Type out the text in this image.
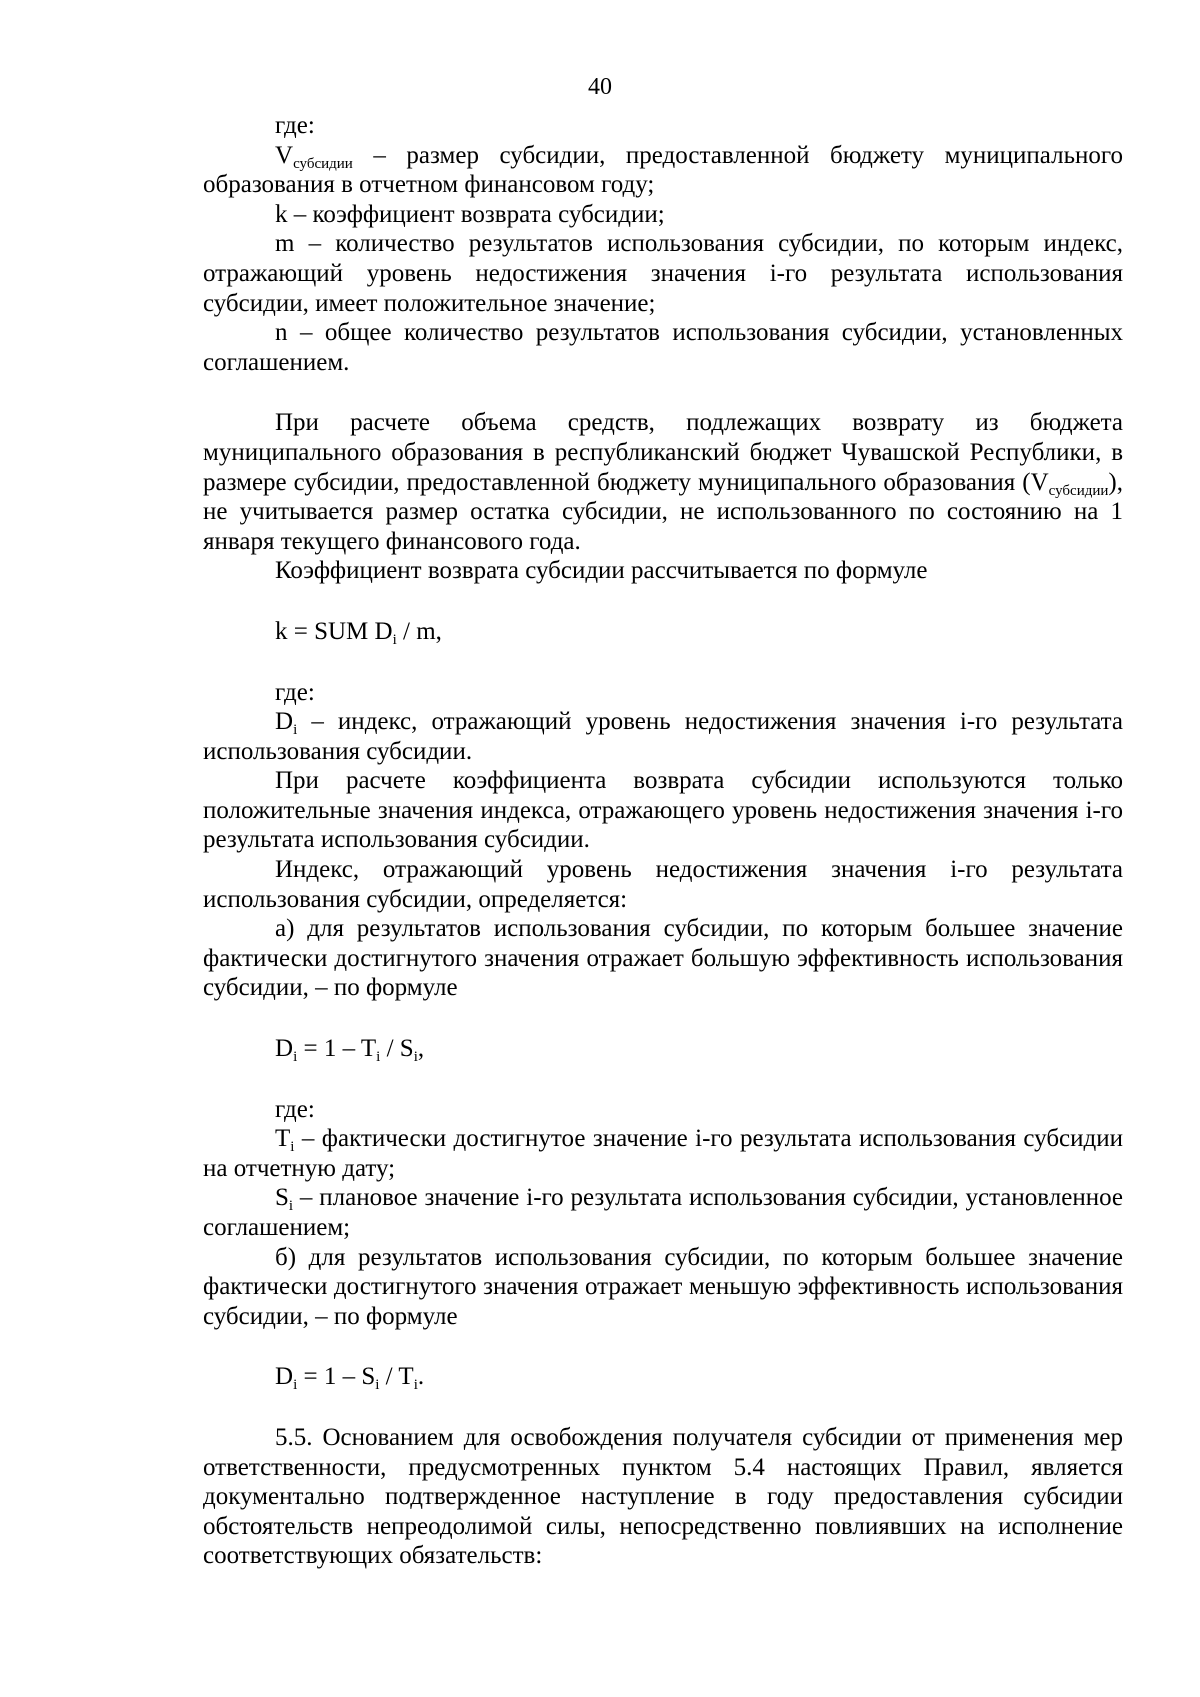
40

где:

$V_{субсидии}$ – размер субсидии, предоставленной бюджету муниципального образования в отчетном финансовом году;

k – коэффициент возврата субсидии;

m – количество результатов использования субсидии, по которым индекс, отражающий уровень недостижения значения i-го результата использования субсидии, имеет положительное значение;

n – общее количество результатов использования субсидии, установленных соглашением.

При расчете объема средств, подлежащих возврату из бюджета муниципального образования в республиканский бюджет Чувашской Республики, в размере субсидии, предоставленной бюджету муниципального образования $(V_{субсидии})$, не учитывается размер остатка субсидии, не использованного по состоянию на 1 января текущего финансового года.

Коэффициент возврата субсидии рассчитывается по формуле

k = SUM $D_i$ / m,

где:

$D_i$ – индекс, отражающий уровень недостижения значения i-го результата использования субсидии.

При расчете коэффициента возврата субсидии используются только положительные значения индекса, отражающего уровень недостижения значения i-го результата использования субсидии.

Индекс, отражающий уровень недостижения значения i-го результата использования субсидии, определяется:

а) для результатов использования субсидии, по которым большее значение фактически достигнутого значения отражает большую эффективность использования субсидии, – по формуле

$D_i = 1 - T_i / S_i$,

где:

$T_i$ – фактически достигнутое значение i-го результата использования субсидии на отчетную дату;

$S_i$ – плановое значение i-го результата использования субсидии, установленное соглашением;

б) для результатов использования субсидии, по которым большее значение фактически достигнутого значения отражает меньшую эффективность использования субсидии, – по формуле

$D_i = 1 - S_i / T_i$.

5.5. Основанием для освобождения получателя субсидии от применения мер ответственности, предусмотренных пунктом 5.4 настоящих Правил, является документально подтвержденное наступление в году предоставления субсидии обстоятельств непреодолимой силы, непосредственно повлиявших на исполнение соответствующих обязательств:
